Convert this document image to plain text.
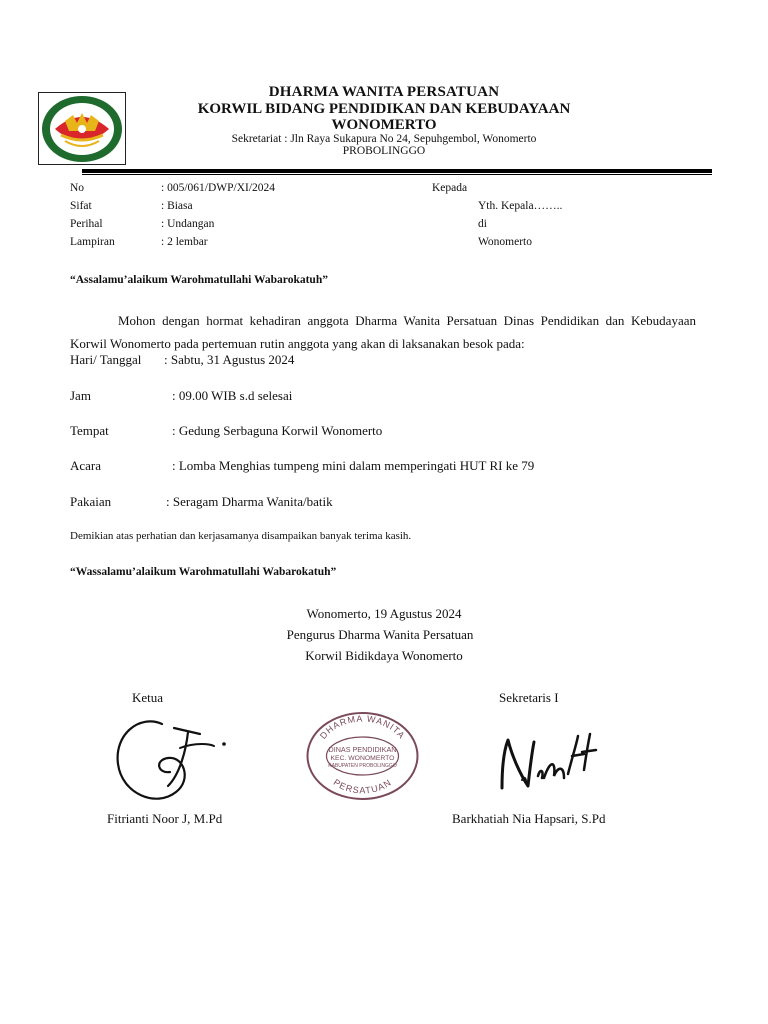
DHARMA WANITA PERSATUAN
KORWIL BIDANG PENDIDIKAN DAN KEBUDAYAAN
WONOMERTO
Sekretariat : Jln Raya Sukapura No 24, Sepuhgembol, Wonomerto
PROBOLINGGO
No	: 005/061/DWP/XI/2024
Sifat	: Biasa
Perihal	: Undangan
Lampiran	: 2 lembar
Kepada
Yth. Kepala……..
di
Wonomerto
“Assalamu’alaikum Warohmatullahi Wabarokatuh”
Mohon dengan hormat kehadiran anggota Dharma Wanita Persatuan Dinas Pendidikan dan Kebudayaan Korwil Wonomerto pada pertemuan rutin anggota yang akan di laksanakan besok pada:
Hari/ Tanggal : Sabtu, 31 Agustus 2024
Jam	: 09.00 WIB s.d selesai
Tempat	: Gedung Serbaguna Korwil Wonomerto
Acara	: Lomba Menghias tumpeng mini dalam memperingati HUT RI ke 79
Pakaian	: Seragam Dharma Wanita/batik
Demikian atas perhatian dan kerjasamanya disampaikan banyak terima kasih.
“Wassalamu’alaikum Warohmatullahi Wabarokatuh”
Wonomerto, 19 Agustus 2024
Pengurus Dharma Wanita Persatuan
Korwil Bidikdaya Wonomerto
Ketua	Sekretaris I
DHARMA WANITA
PERSATUAN
DINAS PENDIDIKAN
KEC. WONOMERTO
KABUPATEN PROBOLINGGO
Fitrianti Noor J, M.Pd	Barkhatiah Nia Hapsari, S.Pd
